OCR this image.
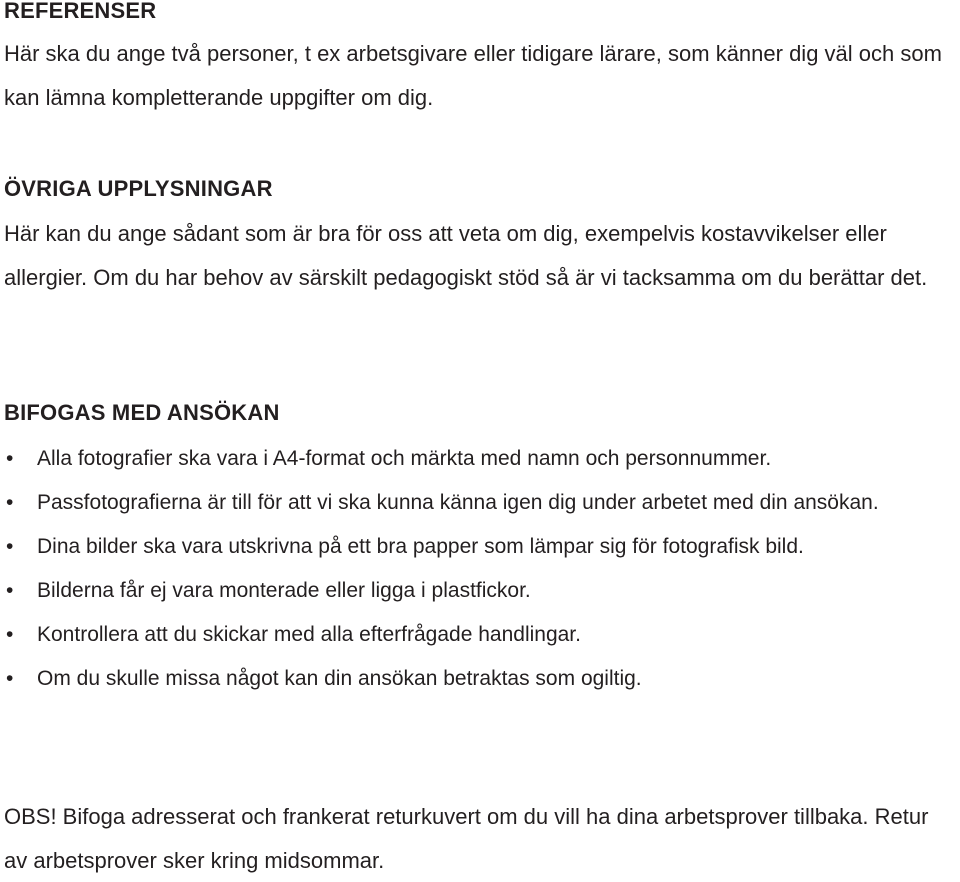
REFERENSER

Här ska du ange två personer, t ex arbetsgivare eller tidigare lärare, som känner dig väl och som kan lämna kompletterande uppgifter om dig.

ÖVRIGA UPPLYSNINGAR

Här kan du ange sådant som är bra för oss att veta om dig, exempelvis kostavvikelser eller allergier. Om du har behov av särskilt pedagogiskt stöd så är vi tacksamma om du berättar det.

BIFOGAS MED ANSÖKAN
• Alla fotografier ska vara i A4-format och märkta med namn och personnummer.
• Passfotografierna är till för att vi ska kunna känna igen dig under arbetet med din ansökan.
• Dina bilder ska vara utskrivna på ett bra papper som lämpar sig för fotografisk bild.
• Bilderna får ej vara monterade eller ligga i plastfickor.
• Kontrollera att du skickar med alla efterfrågade handlingar.
• Om du skulle missa något kan din ansökan betraktas som ogiltig.

OBS! Bifoga adresserat och frankerat returkuvert om du vill ha dina arbetsprover tillbaka. Retur av arbetsprover sker kring midsommar.
